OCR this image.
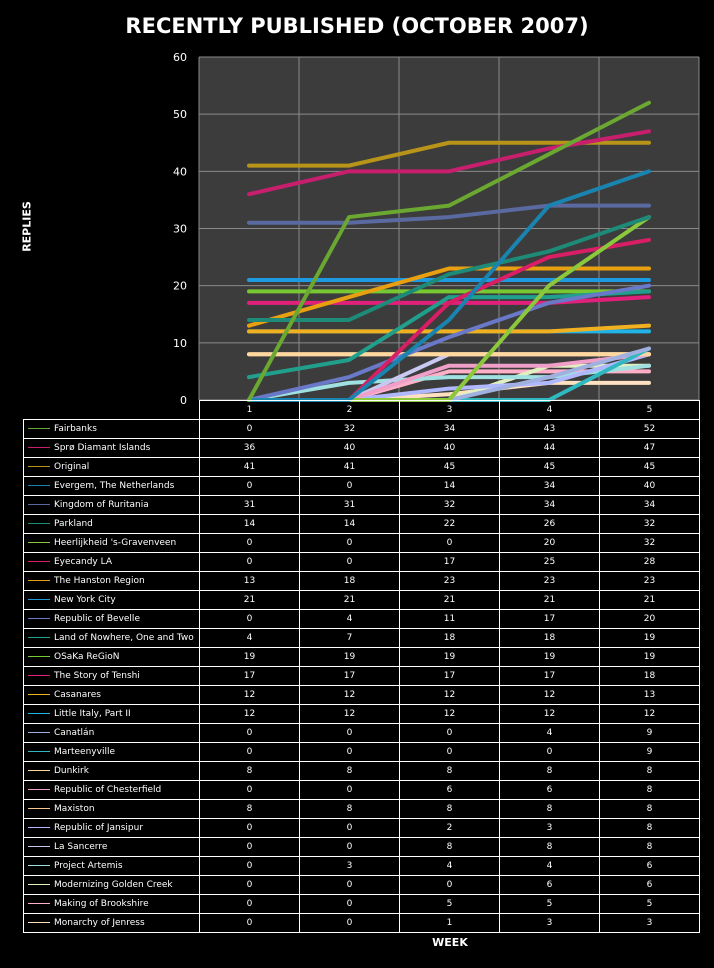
RECENTLY PUBLISHED (OCTOBER 2007)
REPLIES
WEEK
0
10
20
30
40
50
60
	1	2	3	4	5

Fairbanks	0	32	34	43	52

Sprø Diamant Islands	36	40	40	44	47

Original	41	41	45	45	45

Evergem, The Netherlands	0	0	14	34	40

Kingdom of Ruritania	31	31	32	34	34

Parkland	14	14	22	26	32

Heerlijkheid 's-Gravenveen	0	0	0	20	32

Eyecandy LA	0	0	17	25	28

The Hanston Region	13	18	23	23	23

New York City	21	21	21	21	21

Republic of Bevelle	0	4	11	17	20

Land of Nowhere, One and Two	4	7	18	18	19

OSaKa ReGioN	19	19	19	19	19

The Story of Tenshi	17	17	17	17	18

Casanares	12	12	12	12	13

Little Italy, Part II	12	12	12	12	12

Canatlán	0	0	0	4	9

Marteenyville	0	0	0	0	9

Dunkirk	8	8	8	8	8

Republic of Chesterfield	0	0	6	6	8

Maxiston	8	8	8	8	8

Republic of Jansipur	0	0	2	3	8

La Sancerre	0	0	8	8	8

Project Artemis	0	3	4	4	6

Modernizing Golden Creek	0	0	0	6	6

Making of Brookshire	0	0	5	5	5

Monarchy of Jenress	0	0	1	3	3
